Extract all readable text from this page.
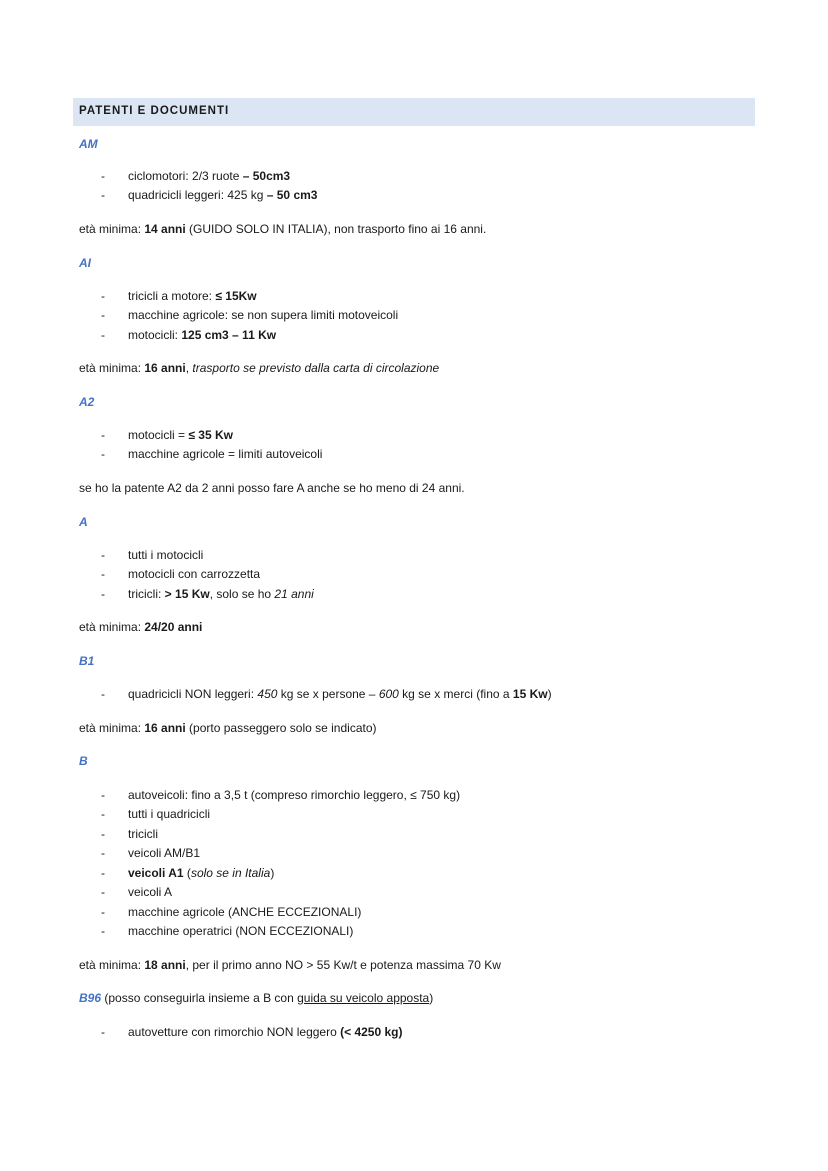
PATENTI E DOCUMENTI
AM
- ciclomotori: 2/3 ruote – 50cm3
- quadricicli leggeri: 425 kg – 50 cm3
età minima: 14 anni (GUIDO SOLO IN ITALIA), non trasporto fino ai 16 anni.
AI
- tricicli a motore: ≤ 15Kw
- macchine agricole: se non supera limiti motoveicoli
- motocicli: 125 cm3 – 11 Kw
età minima: 16 anni, trasporto se previsto dalla carta di circolazione
A2
- motocicli = ≤ 35 Kw
- macchine agricole = limiti autoveicoli
se ho la patente A2 da 2 anni posso fare A anche se ho meno di 24 anni.
A
- tutti i motocicli
- motocicli con carrozzetta
- tricicli: > 15 Kw, solo se ho 21 anni
età minima: 24/20 anni
B1
- quadricicli NON leggeri: 450 kg se x persone – 600 kg se x merci (fino a 15 Kw)
età minima: 16 anni (porto passeggero solo se indicato)
B
- autoveicoli: fino a 3,5 t (compreso rimorchio leggero, ≤ 750 kg)
- tutti i quadricicli
- tricicli
- veicoli AM/B1
- veicoli A1 (solo se in Italia)
- veicoli A
- macchine agricole (ANCHE ECCEZIONALI)
- macchine operatrici (NON ECCEZIONALI)
età minima: 18 anni, per il primo anno NO > 55 Kw/t e potenza massima 70 Kw
B96 (posso conseguirla insieme a B con guida su veicolo apposta)
- autovetture con rimorchio NON leggero (< 4250 kg)
